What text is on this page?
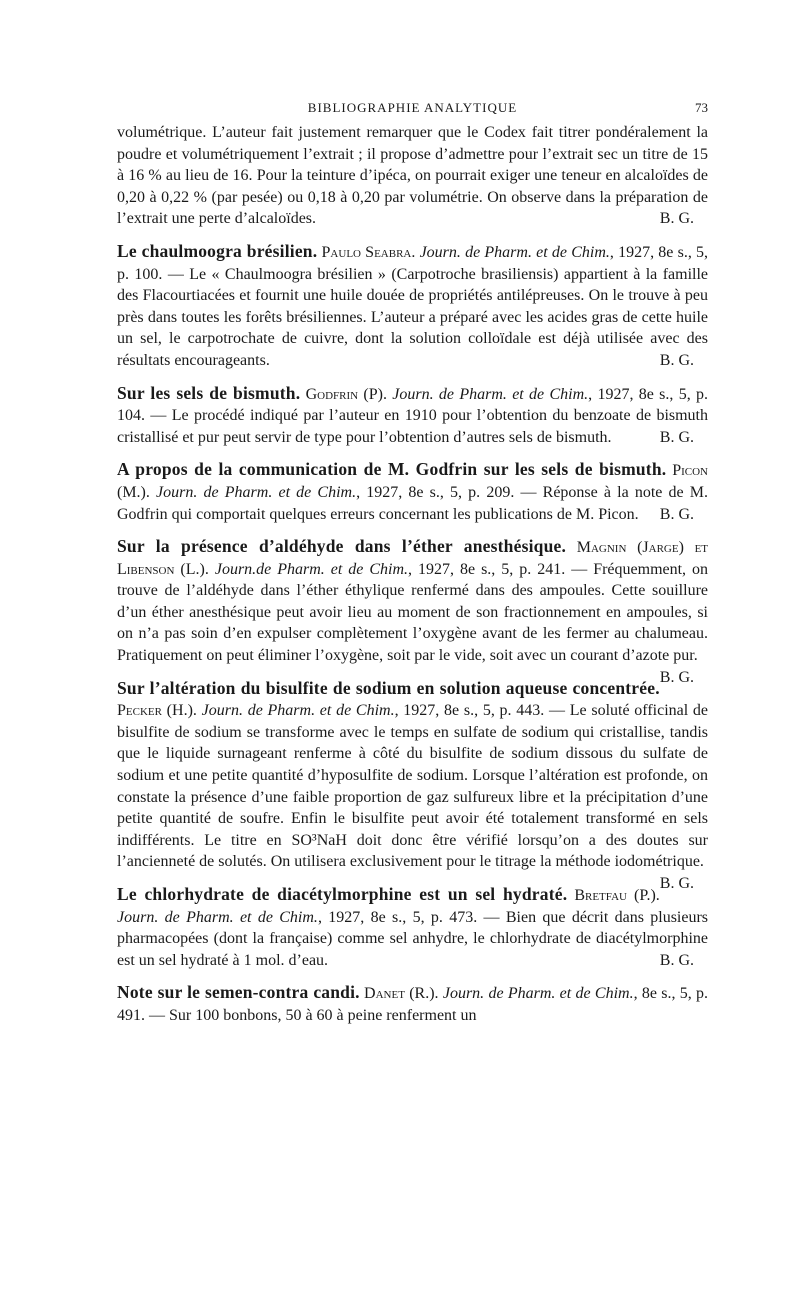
BIBLIOGRAPHIE ANALYTIQUE	73

volumétrique. L’auteur fait justement remarquer que le Codex fait titrer pondéralement la poudre et volumétriquement l’extrait ; il propose d’admettre pour l’extrait sec un titre de 15 à 16 % au lieu de 16. Pour la teinture d’ipéca, on pourrait exiger une teneur en alcaloïdes de 0,20 à 0,22 % (par pesée) ou 0,18 à 0,20 par volumétrie. On observe dans la préparation de l’extrait une perte d’alcaloïdes.	B. G.

Le chaulmoogra brésilien. Paulo Seabra. Journ. de Pharm. et de Chim., 1927, 8e s., 5, p. 100. — Le « Chaulmoogra brésilien » (Carpotroche brasiliensis) appartient à la famille des Flacourtiacées et fournit une huile douée de propriétés antilépreuses. On le trouve à peu près dans toutes les forêts brésiliennes. L’auteur a préparé avec les acides gras de cette huile un sel, le carpotrochate de cuivre, dont la solution colloïdale est déjà utilisée avec des résultats encourageants.	B. G.

Sur les sels de bismuth. Godfrin (P). Journ. de Pharm. et de Chim., 1927, 8e s., 5, p. 104. — Le procédé indiqué par l’auteur en 1910 pour l’obtention du benzoate de bismuth cristallisé et pur peut servir de type pour l’obtention d’autres sels de bismuth.	B. G.

A propos de la communication de M. Godfrin sur les sels de bismuth. Picon (M.). Journ. de Pharm. et de Chim., 1927, 8e s., 5, p. 209. — Réponse à la note de M. Godfrin qui comportait quelques erreurs concernant les publications de M. Picon. B. G.

Sur la présence d’aldéhyde dans l’éther anesthésique. Magnin (Jarge) et Libenson (L.). Journ.de Pharm. et de Chim., 1927, 8e s., 5, p. 241. — Fréquemment, on trouve de l’aldéhyde dans l’éther éthylique renfermé dans des ampoules. Cette souillure d’un éther anesthésique peut avoir lieu au moment de son fractionnement en ampoules, si on n’a pas soin d’en expulser complètement l’oxygène avant de les fermer au chalumeau. Pratiquement on peut éliminer l’oxygène, soit par le vide, soit avec un courant d’azote pur.
B. G.

Sur l’altération du bisulfite de sodium en solution aqueuse concentrée. Pecker (H.). Journ. de Pharm. et de Chim., 1927, 8e s., 5, p. 443. — Le soluté officinal de bisulfite de sodium se transforme avec le temps en sulfate de sodium qui cristallise, tandis que le liquide surnageant renferme à côté du bisulfite de sodium dissous du sulfate de sodium et une petite quantité d’hyposulfite de sodium. Lorsque l’altération est profonde, on constate la présence d’une faible proportion de gaz sulfureux libre et la précipitation d’une petite quantité de soufre. Enfin le bisulfite peut avoir été totalement transformé en sels indifférents. Le titre en SO³NaH doit donc être vérifié lorsqu’on a des doutes sur l’ancienneté de solutés. On utilisera exclusivement pour le titrage la méthode iodométrique.
B. G.

Le chlorhydrate de diacétylmorphine est un sel hydraté. Bretfau (P.). Journ. de Pharm. et de Chim., 1927, 8e s., 5, p. 473. — Bien que décrit dans plusieurs pharmacopées (dont la française) comme sel anhydre, le chlorhydrate de diacétylmorphine est un sel hydraté à 1 mol. d’eau.	B. G.

Note sur le semen-contra candi. Danet (R.). Journ. de Pharm. et de Chim., 8e s., 5, p. 491. — Sur 100 bonbons, 50 à 60 à peine renferment un
